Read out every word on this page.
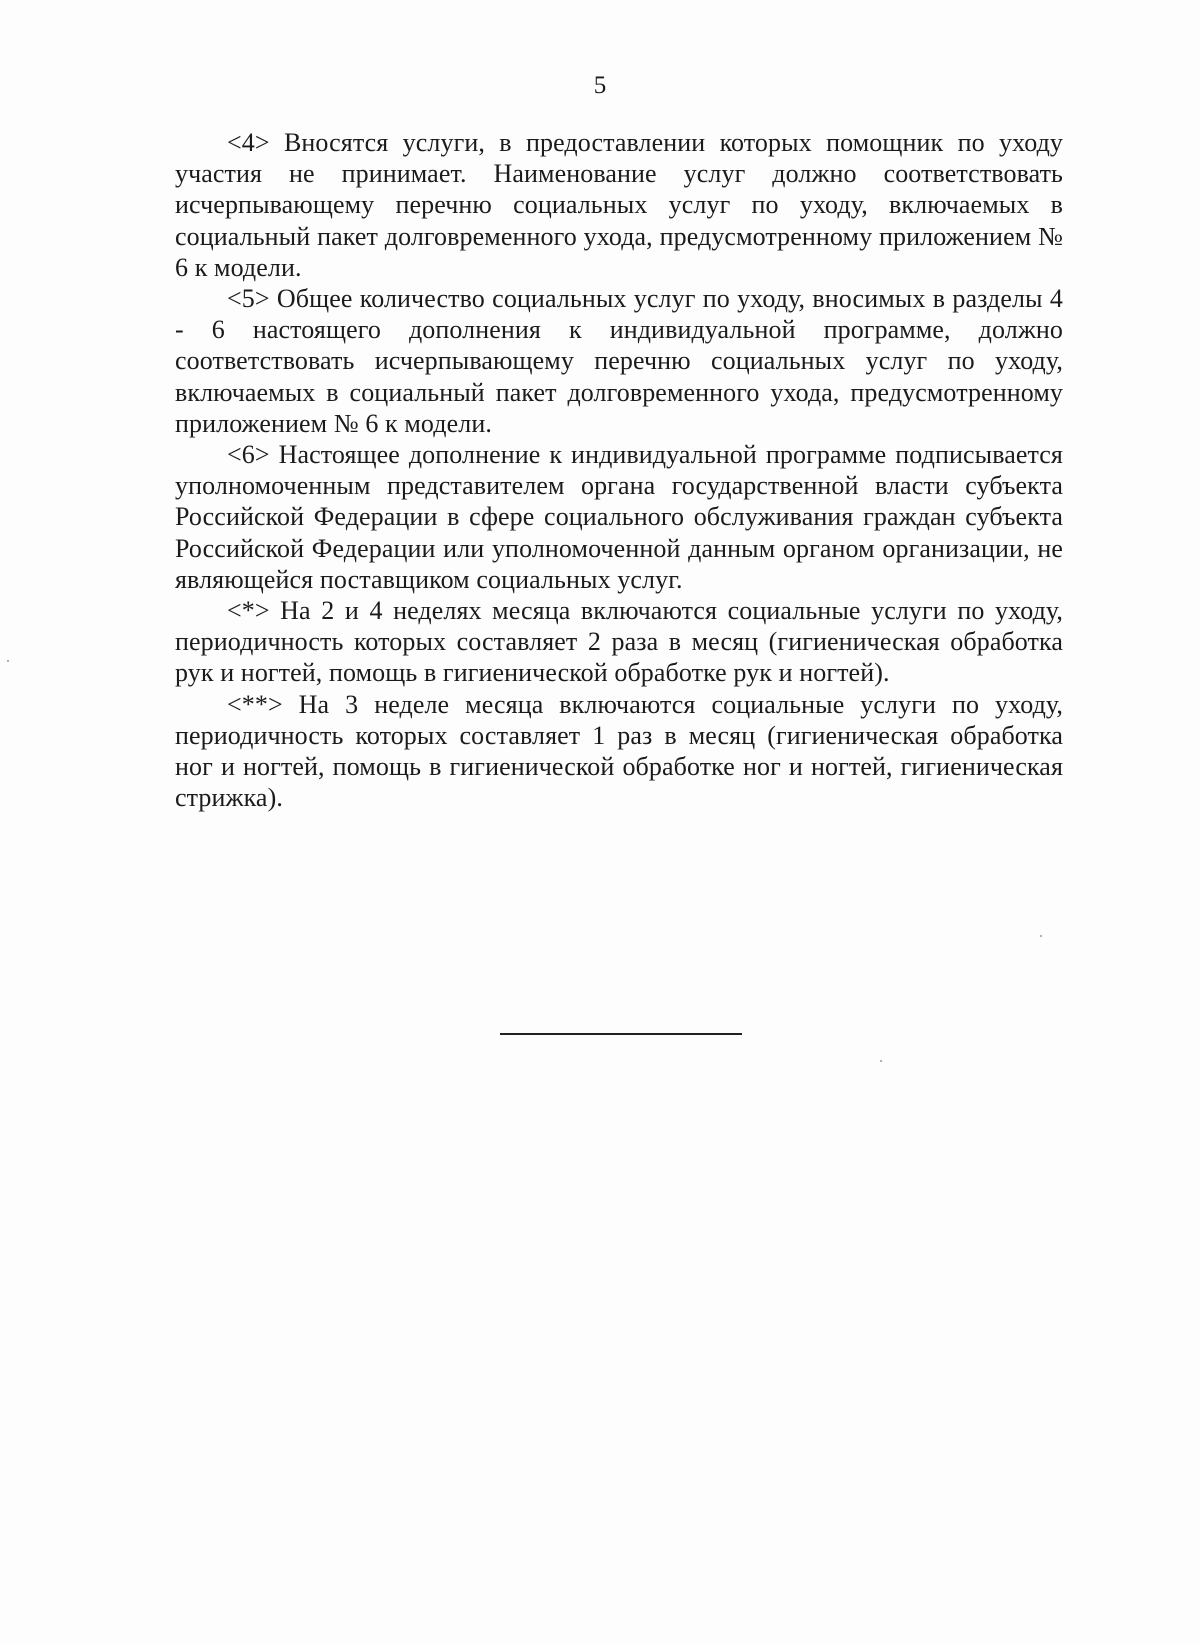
5

<4> Вносятся услуги, в предоставлении которых помощник по уходу участия не принимает. Наименование услуг должно соответствовать исчерпывающему перечню социальных услуг по уходу, включаемых в социальный пакет долговременного ухода, предусмотренному приложением № 6 к модели.

<5> Общее количество социальных услуг по уходу, вносимых в разделы 4 - 6 настоящего дополнения к индивидуальной программе, должно соответствовать исчерпывающему перечню социальных услуг по уходу, включаемых в социальный пакет долговременного ухода, предусмотренному приложением № 6 к модели.

<6> Настоящее дополнение к индивидуальной программе подписывается уполномоченным представителем органа государственной власти субъекта Российской Федерации в сфере социального обслуживания граждан субъекта Российской Федерации или уполномоченной данным органом организации, не являющейся поставщиком социальных услуг.

<*> На 2 и 4 неделях месяца включаются социальные услуги по уходу, периодичность которых составляет 2 раза в месяц (гигиеническая обработка рук и ногтей, помощь в гигиенической обработке рук и ногтей).

<**> На 3 неделе месяца включаются социальные услуги по уходу, периодичность которых составляет 1 раз в месяц (гигиеническая обработка ног и ногтей, помощь в гигиенической обработке ног и ногтей, гигиеническая стрижка).
